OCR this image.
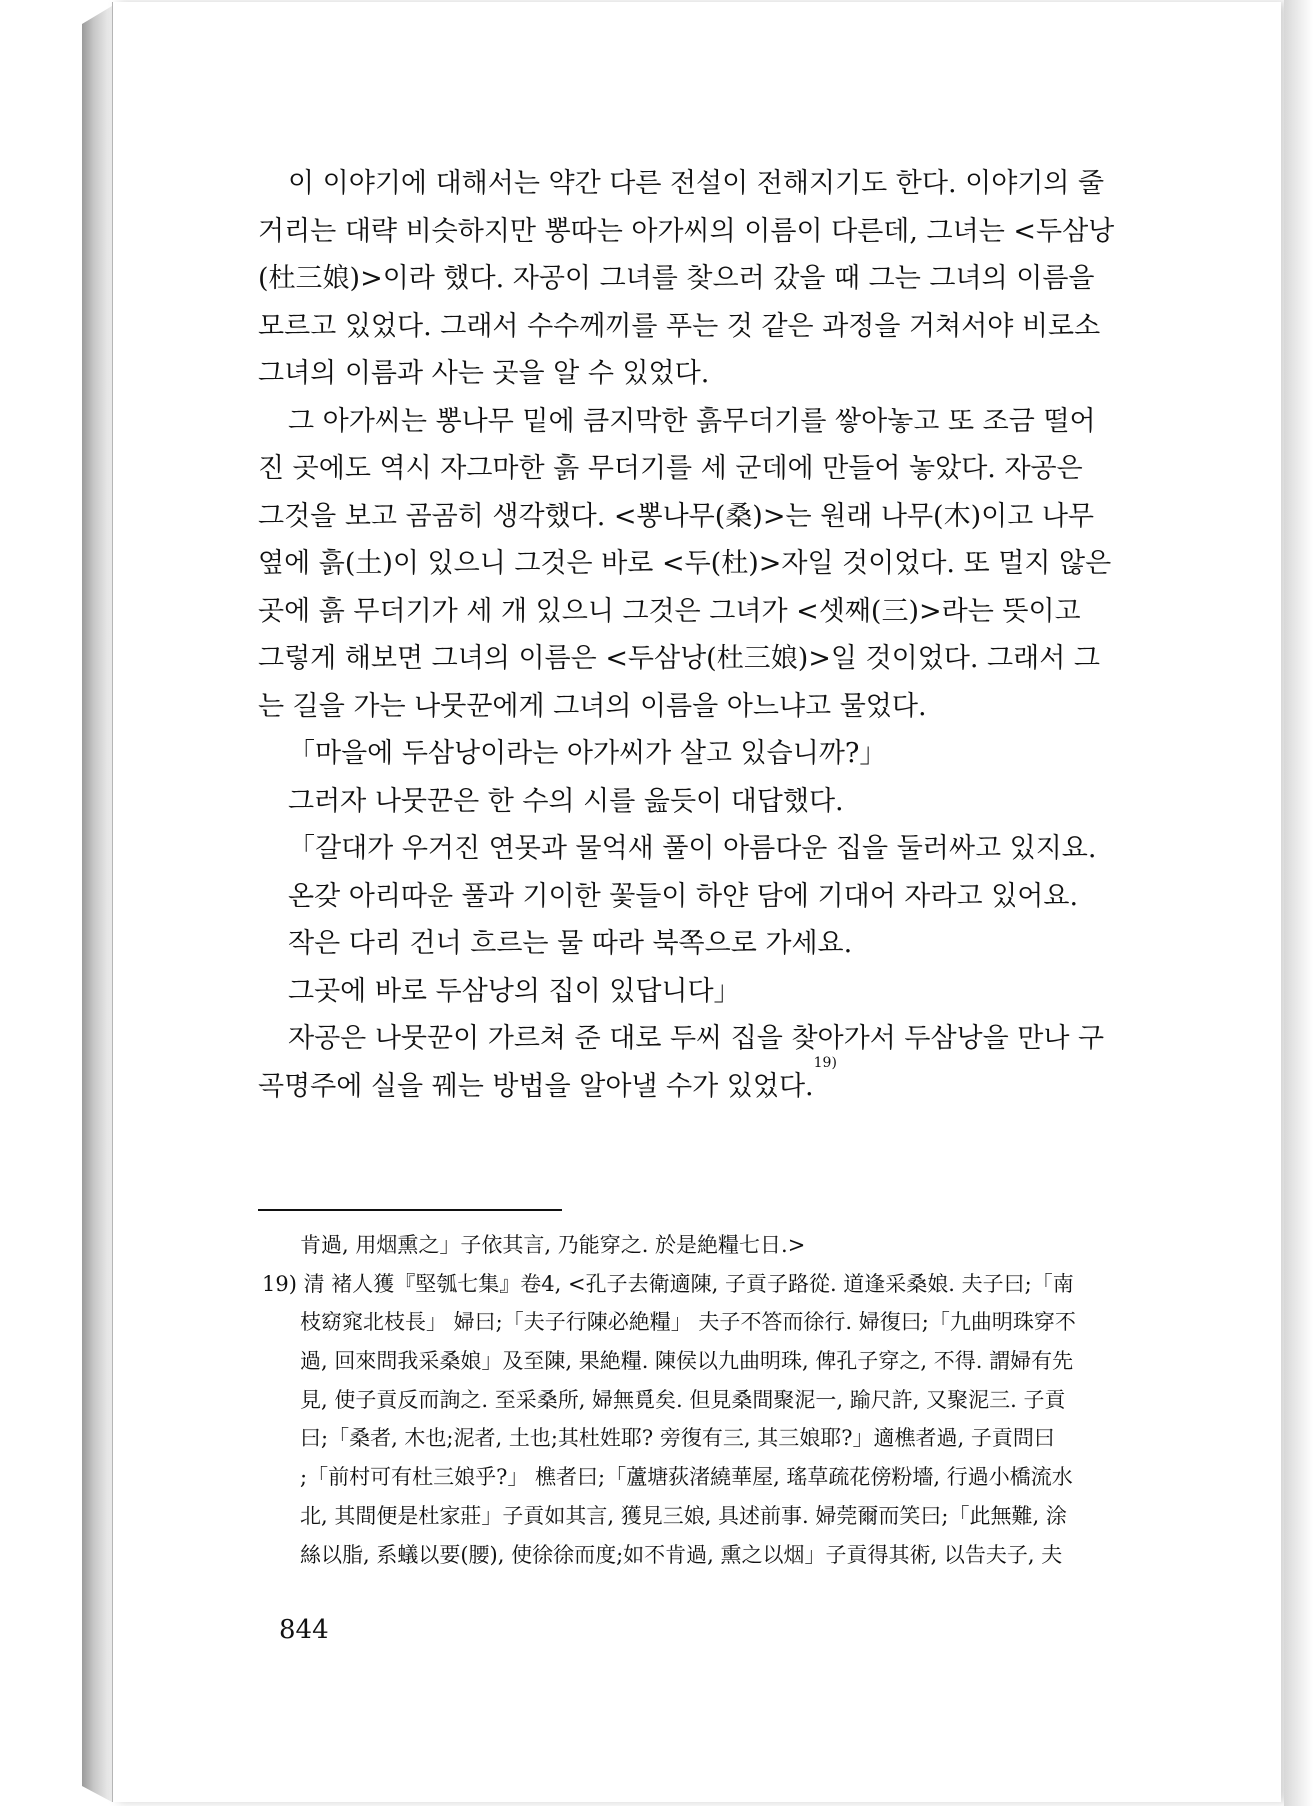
이 이야기에 대해서는 약간 다른 전설이 전해지기도 한다. 이야기의 줄
거리는 대략 비슷하지만 뽕따는 아가씨의 이름이 다른데, 그녀는 <두삼낭
(杜三娘)>이라 했다. 자공이 그녀를 찾으러 갔을 때 그는 그녀의 이름을
모르고 있었다. 그래서 수수께끼를 푸는 것 같은 과정을 거쳐서야 비로소
그녀의 이름과 사는 곳을 알 수 있었다.
그 아가씨는 뽕나무 밑에 큼지막한 흙무더기를 쌓아놓고 또 조금 떨어
진 곳에도 역시 자그마한 흙 무더기를 세 군데에 만들어 놓았다. 자공은
그것을 보고 곰곰히 생각했다. <뽕나무(桑)>는 원래 나무(木)이고 나무
옆에 흙(土)이 있으니 그것은 바로 <두(杜)>자일 것이었다. 또 멀지 않은
곳에 흙 무더기가 세 개 있으니 그것은 그녀가 <셋째(三)>라는 뜻이고
그렇게 해보면 그녀의 이름은 <두삼낭(杜三娘)>일 것이었다. 그래서 그
는 길을 가는 나뭇꾼에게 그녀의 이름을 아느냐고 물었다.
「마을에 두삼낭이라는 아가씨가 살고 있습니까?」
그러자 나뭇꾼은 한 수의 시를 읊듯이 대답했다.
「갈대가 우거진 연못과 물억새 풀이 아름다운 집을 둘러싸고 있지요.
온갖 아리따운 풀과 기이한 꽃들이 하얀 담에 기대어 자라고 있어요.
작은 다리 건너 흐르는 물 따라 북쪽으로 가세요.
그곳에 바로 두삼낭의 집이 있답니다」
자공은 나뭇꾼이 가르쳐 준 대로 두씨 집을 찾아가서 두삼낭을 만나 구
곡명주에 실을 꿰는 방법을 알아낼 수가 있었다.
19)
肯過, 用烟熏之」子依其言, 乃能穿之. 於是絶糧七日.>
19) 清 褚人獲『堅瓠七集』卷4, <孔子去衛適陳, 子貢子路從. 道逢采桑娘. 夫子曰;「南
枝窈窕北枝長」 婦曰;「夫子行陳必絶糧」 夫子不答而徐行. 婦復曰;「九曲明珠穿不
過, 回來問我采桑娘」及至陳, 果絶糧. 陳侯以九曲明珠, 俾孔子穿之, 不得. 謂婦有先
見, 使子貢反而詢之. 至采桑所, 婦無覓矣. 但見桑間聚泥一, 踰尺許, 又聚泥三. 子貢
曰;「桑者, 木也;泥者, 土也;其杜姓耶? 旁復有三, 其三娘耶?」適樵者過, 子貢問曰
;「前村可有杜三娘乎?」 樵者曰;「蘆塘荻渚繞華屋, 瑤草疏花傍粉墻, 行過小橋流水
北, 其間便是杜家莊」子貢如其言, 獲見三娘, 具述前事. 婦莞爾而笑曰;「此無難, 涂
絲以脂, 系蟻以要(腰), 使徐徐而度;如不肯過, 熏之以烟」子貢得其術, 以告夫子, 夫
844
